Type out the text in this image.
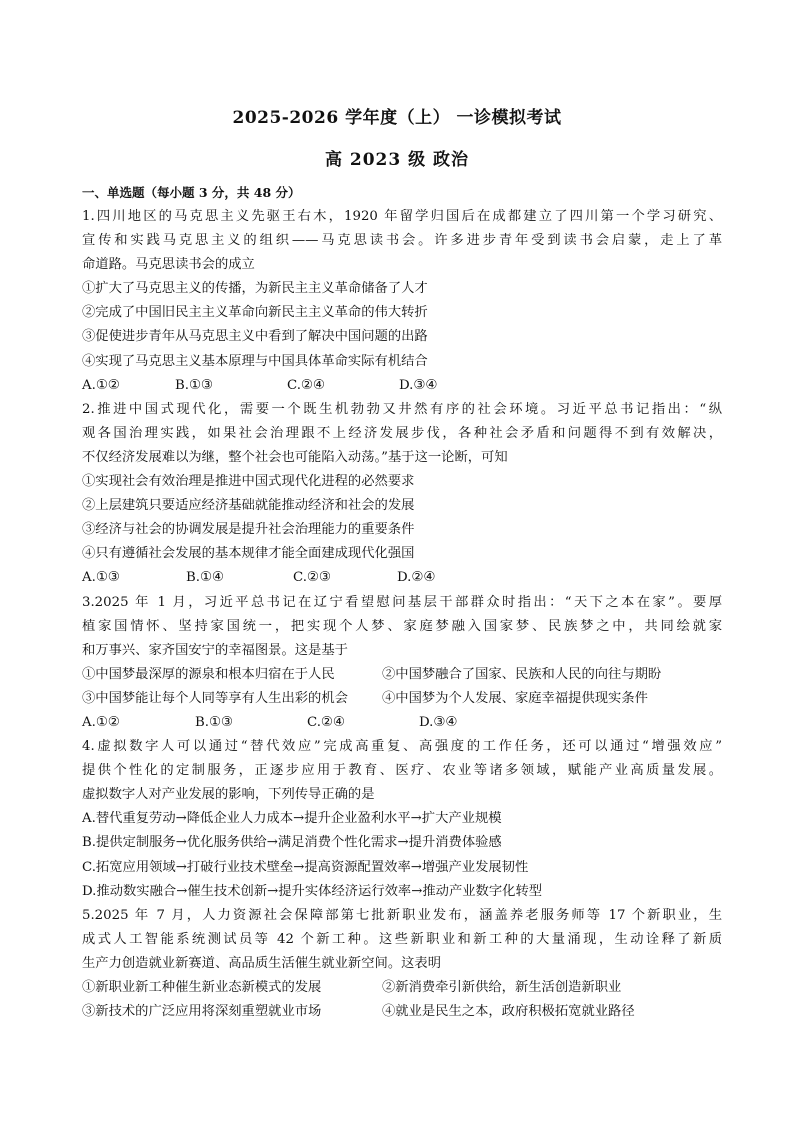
2025-2026 学年度（上） 一诊模拟考试
高 2023 级 政治
一、单选题（每小题 3 分，共 48 分）
1.四川地区的马克思主义先驱王右木，1920 年留学归国后在成都建立了四川第一个学习研究、
宣传和实践马克思主义的组织——马克思读书会。许多进步青年受到读书会启蒙，走上了革
命道路。马克思读书会的成立
①扩大了马克思主义的传播，为新民主主义革命储备了人才
②完成了中国旧民主主义革命向新民主主义革命的伟大转折
③促使进步青年从马克思主义中看到了解决中国问题的出路
④实现了马克思主义基本原理与中国具体革命实际有机结合
A.①②	B.①③	C.②④	D.③④
2.推进中国式现代化，需要一个既生机勃勃又井然有序的社会环境。习近平总书记指出：“纵
观各国治理实践，如果社会治理跟不上经济发展步伐，各种社会矛盾和问题得不到有效解决，
不仅经济发展难以为继，整个社会也可能陷入动荡。”基于这一论断，可知
①实现社会有效治理是推进中国式现代化进程的必然要求
②上层建筑只要适应经济基础就能推动经济和社会的发展
③经济与社会的协调发展是提升社会治理能力的重要条件
④只有遵循社会发展的基本规律才能全面建成现代化强国
A.①③	B.①④	C.②③	D.②④
3.2025 年 1 月，习近平总书记在辽宁看望慰问基层干部群众时指出：“天下之本在家”。要厚
植家国情怀、坚持家国统一，把实现个人梦、家庭梦融入国家梦、民族梦之中，共同绘就家
和万事兴、家齐国安宁的幸福图景。这是基于
①中国梦最深厚的源泉和根本归宿在于人民	②中国梦融合了国家、民族和人民的向往与期盼
③中国梦能让每个人同等享有人生出彩的机会	④中国梦为个人发展、家庭幸福提供现实条件
A.①②	B.①③	C.②④	D.③④
4.虚拟数字人可以通过“替代效应”完成高重复、高强度的工作任务，还可以通过“增强效应”
提供个性化的定制服务，正逐步应用于教育、医疗、农业等诸多领域，赋能产业高质量发展。
虚拟数字人对产业发展的影响，下列传导正确的是
A.替代重复劳动→降低企业人力成本→提升企业盈利水平→扩大产业规模
B.提供定制服务→优化服务供给→满足消费个性化需求→提升消费体验感
C.拓宽应用领域→打破行业技术壁垒→提高资源配置效率→增强产业发展韧性
D.推动数实融合→催生技术创新→提升实体经济运行效率→推动产业数字化转型
5.2025 年 7 月，人力资源社会保障部第七批新职业发布，涵盖养老服务师等 17 个新职业，生
成式人工智能系统测试员等 42 个新工种。这些新职业和新工种的大量涌现，生动诠释了新质
生产力创造就业新赛道、高品质生活催生就业新空间。这表明
①新职业新工种催生新业态新模式的发展	②新消费牵引新供给，新生活创造新职业
③新技术的广泛应用将深刻重塑就业市场	④就业是民生之本，政府积极拓宽就业路径
